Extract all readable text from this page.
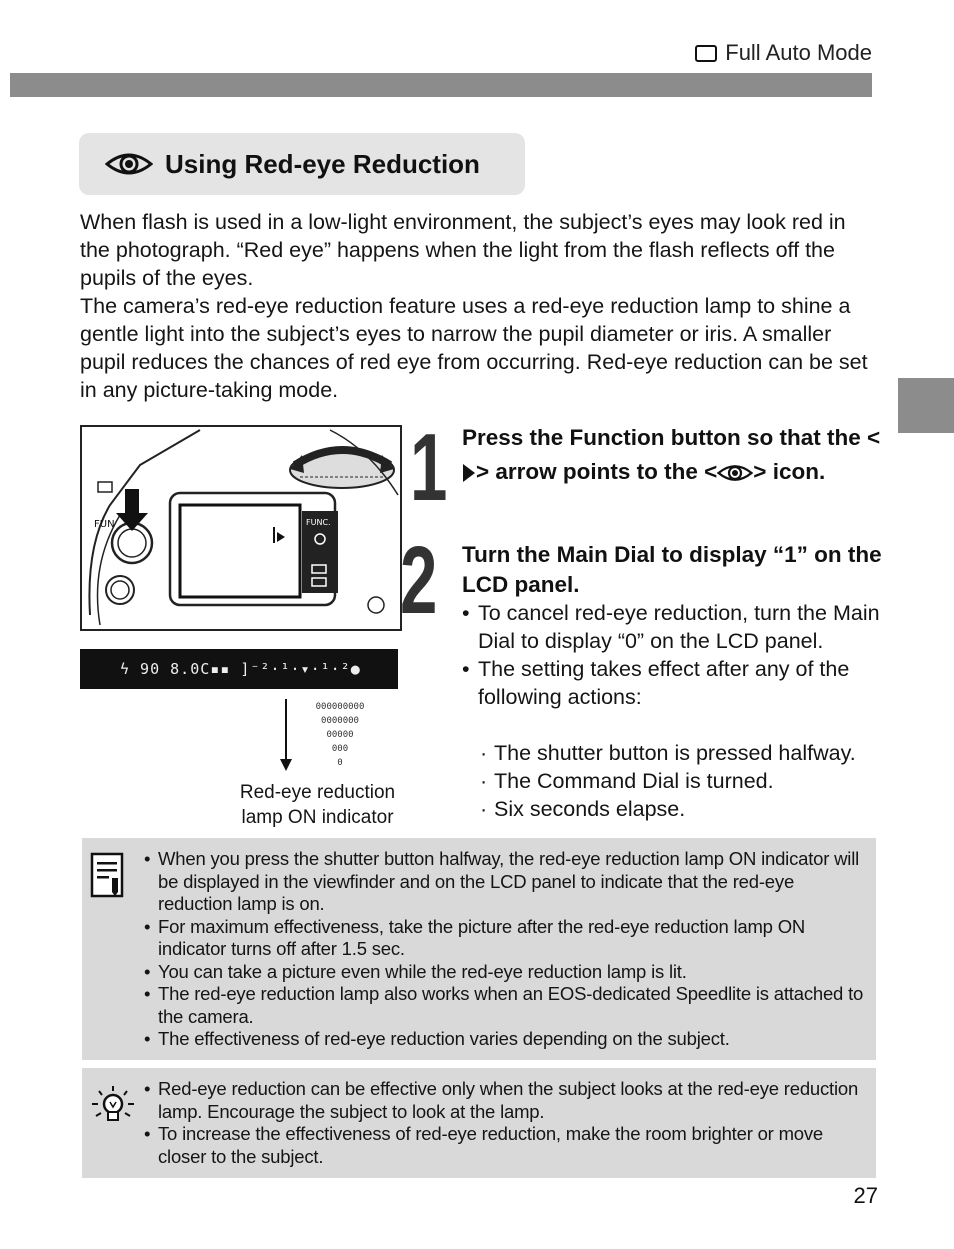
Full Auto Mode
Using Red-eye Reduction

When flash is used in a low-light environment, the subject’s eyes may look red in the photograph. “Red eye” happens when the light from the flash reflects off the pupils of the eyes.

The camera’s red-eye reduction feature uses a red-eye reduction lamp to shine a gentle light into the subject’s eyes to narrow the pupil diameter or iris. A smaller pupil reduces the chances of red eye from occurring. Red-eye reduction can be set in any picture-taking mode.

FUNC.
FUN
ϟ 90 8.0C▪▪ ]⁻²·¹·▾·¹·²●
000000000
0000000
00000
000
0
Red-eye reduction
lamp ON indicator
1 Press the Function button so that the <> arrow points to the < > icon.
2 Turn the Main Dial to display “1” on the LCD panel.
• To cancel red-eye reduction, turn the Main Dial to display “0” on the LCD panel.
• The setting takes effect after any of the following actions:
· The shutter button is pressed halfway.
· The Command Dial is turned.
· Six seconds elapse.
• When you press the shutter button halfway, the red-eye reduction lamp ON indicator will be displayed in the viewfinder and on the LCD panel to indicate that the red-eye reduction lamp is on.
• For maximum effectiveness, take the picture after the red-eye reduction lamp ON indicator turns off after 1.5 sec.
• You can take a picture even while the red-eye reduction lamp is lit.
• The red-eye reduction lamp also works when an EOS-dedicated Speedlite is attached to the camera.
• The effectiveness of red-eye reduction varies depending on the subject.
• Red-eye reduction can be effective only when the subject looks at the red-eye reduction lamp. Encourage the subject to look at the lamp.
• To increase the effectiveness of red-eye reduction, make the room brighter or move closer to the subject.
27
